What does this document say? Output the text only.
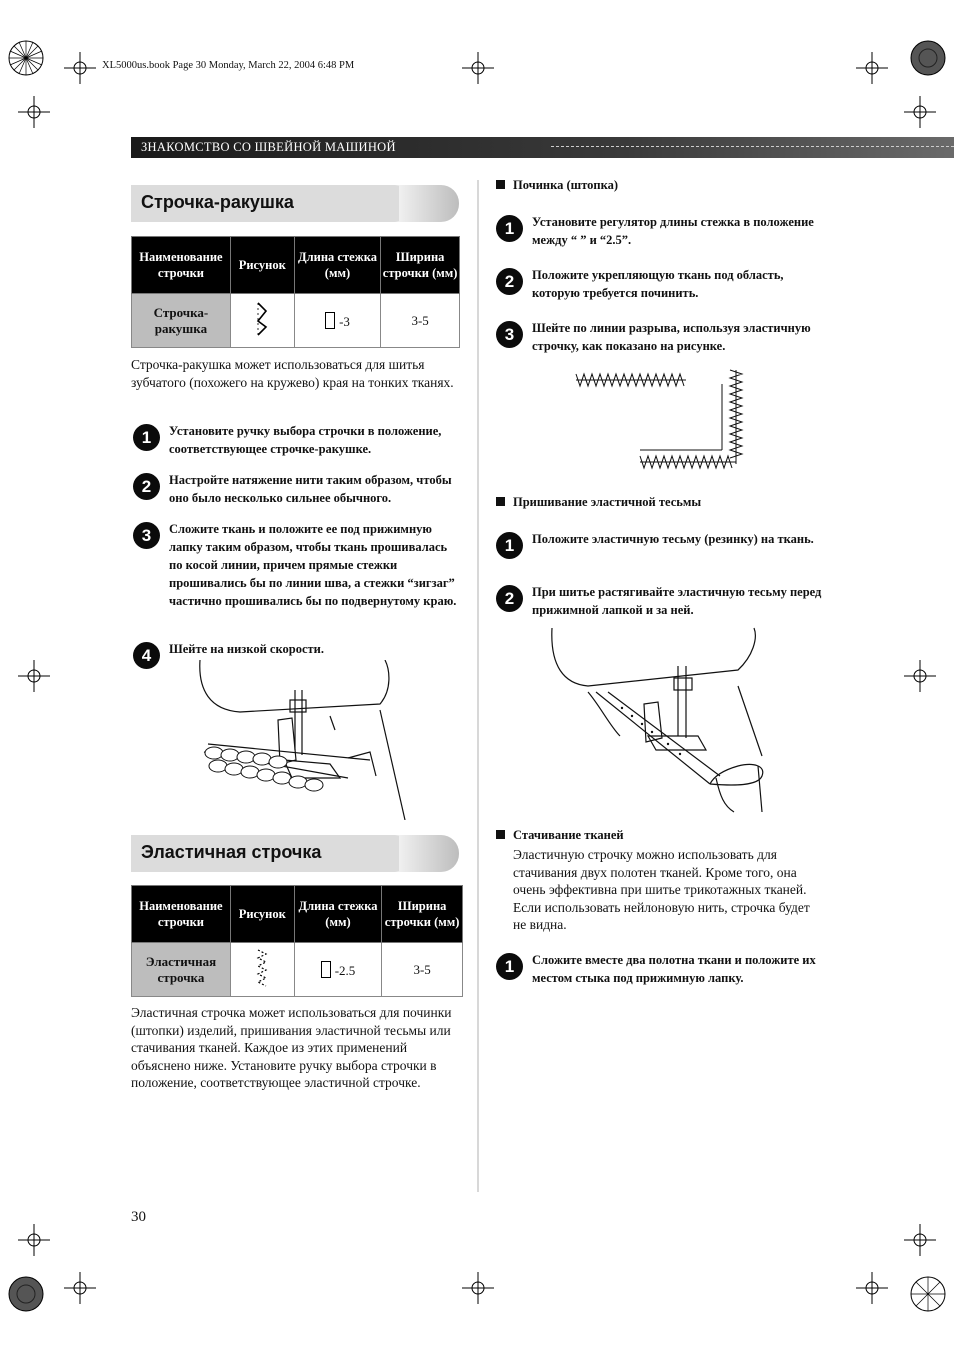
XL5000us.book Page 30 Monday, March 22, 2004 6:48 PM
ЗНАКОМСТВО СО ШВЕЙНОЙ МАШИНОЙ
Строчка-ракушка
Наименование строчки	Рисунок	Длина стежка (мм)	Ширина строчки (мм)
Строчка-ракушка		-3	3-5
Строчка-ракушка может использоваться для шитья зубчатого (похожего на кружево) края на тонких тканях.
1	Установите ручку выбора строчки в положение, соответствующее строчке-ракушке.
2	Настройте натяжение нити таким образом, чтобы оно было несколько сильнее обычного.
3	Сложите ткань и положите ее под прижимную лапку таким образом, чтобы ткань прошивалась по косой линии, причем прямые стежки прошивались бы по линии шва, а стежки “зигзаг” частично прошивались бы по подвернутому краю.
4	Шейте на низкой скорости.
Эластичная строчка
Наименование строчки	Рисунок	Длина стежка (мм)	Ширина строчки (мм)
Эластичная строчка		-2.5	3-5
Эластичная строчка может использоваться для починки (штопки) изделий, пришивания эластичной тесьмы или стачивания тканей. Каждое из этих применений объяснено ниже. Установите ручку выбора строчки в положение, соответствующее эластичной строчке.
Починка (штопка)
1	Установите регулятор длины стежка в положение между “ ” и “2.5”.
2	Положите укрепляющую ткань под область, которую требуется починить.
3	Шейте по линии разрыва, используя эластичную строчку, как показано на рисунке.
Пришивание эластичной тесьмы
1	Положите эластичную тесьму (резинку) на ткань.
2	При шитье растягивайте эластичную тесьму перед прижимной лапкой и за ней.
Стачивание тканей
Эластичную строчку можно использовать для стачивания двух полотен тканей. Кроме того, она очень эффективна при шитье трикотажных тканей. Если использовать нейлоновую нить, строчка будет не видна.
1	Сложите вместе два полотна ткани и положите их местом стыка под прижимную лапку.
30
